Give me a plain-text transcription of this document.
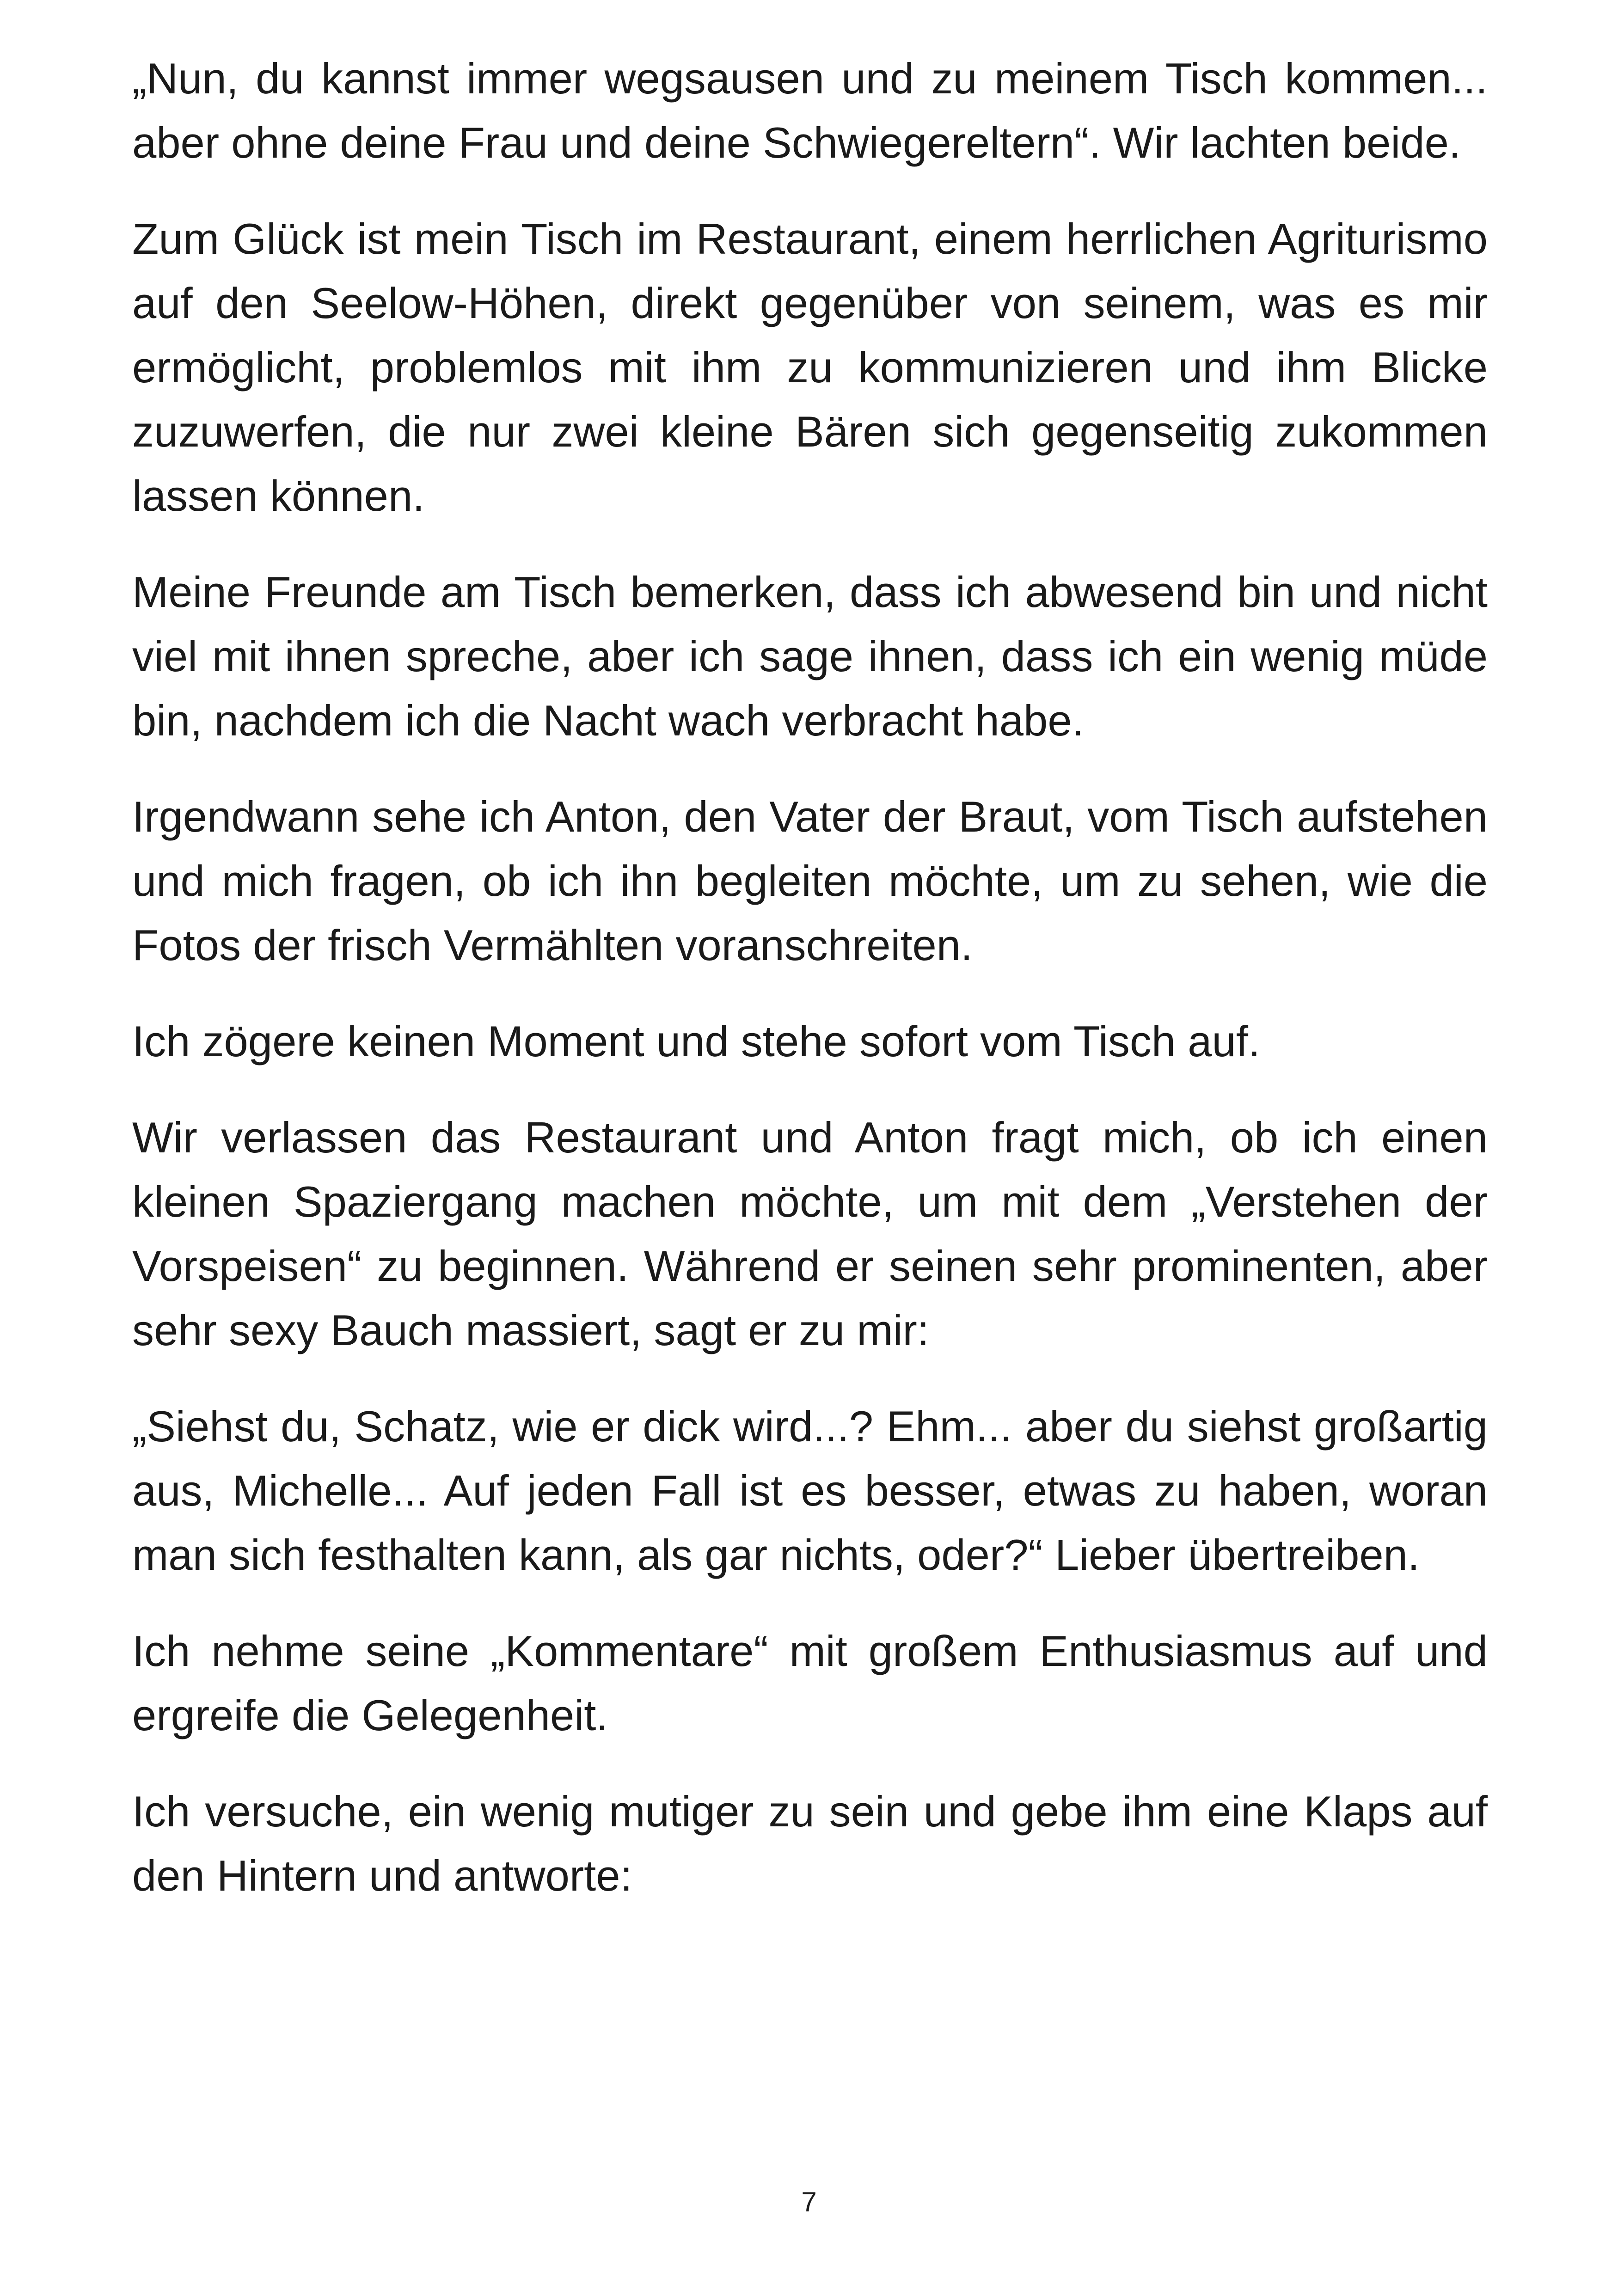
„Nun, du kannst immer wegsausen und zu meinem Tisch kommen... aber ohne deine Frau und deine Schwiegereltern“. Wir lachten beide.

Zum Glück ist mein Tisch im Restaurant, einem herrlichen Agriturismo auf den Seelow-Höhen, direkt gegenüber von seinem, was es mir ermöglicht, problemlos mit ihm zu kommunizieren und ihm Blicke zuzuwerfen, die nur zwei kleine Bären sich gegenseitig zukommen lassen können.

Meine Freunde am Tisch bemerken, dass ich abwesend bin und nicht viel mit ihnen spreche, aber ich sage ihnen, dass ich ein wenig müde bin, nachdem ich die Nacht wach verbracht habe.

Irgendwann sehe ich Anton, den Vater der Braut, vom Tisch aufstehen und mich fragen, ob ich ihn begleiten möchte, um zu sehen, wie die Fotos der frisch Vermählten voranschreiten.

Ich zögere keinen Moment und stehe sofort vom Tisch auf.

Wir verlassen das Restaurant und Anton fragt mich, ob ich einen kleinen Spaziergang machen möchte, um mit dem „Verstehen der Vorspeisen“ zu beginnen. Während er seinen sehr prominenten, aber sehr sexy Bauch massiert, sagt er zu mir:

„Siehst du, Schatz, wie er dick wird...? Ehm... aber du siehst großartig aus, Michelle... Auf jeden Fall ist es besser, etwas zu haben, woran man sich festhalten kann, als gar nichts, oder?“ Lieber übertreiben.

Ich nehme seine „Kommentare“ mit großem Enthusiasmus auf und ergreife die Gelegenheit.

Ich versuche, ein wenig mutiger zu sein und gebe ihm eine Klaps auf den Hintern und antworte:

7
